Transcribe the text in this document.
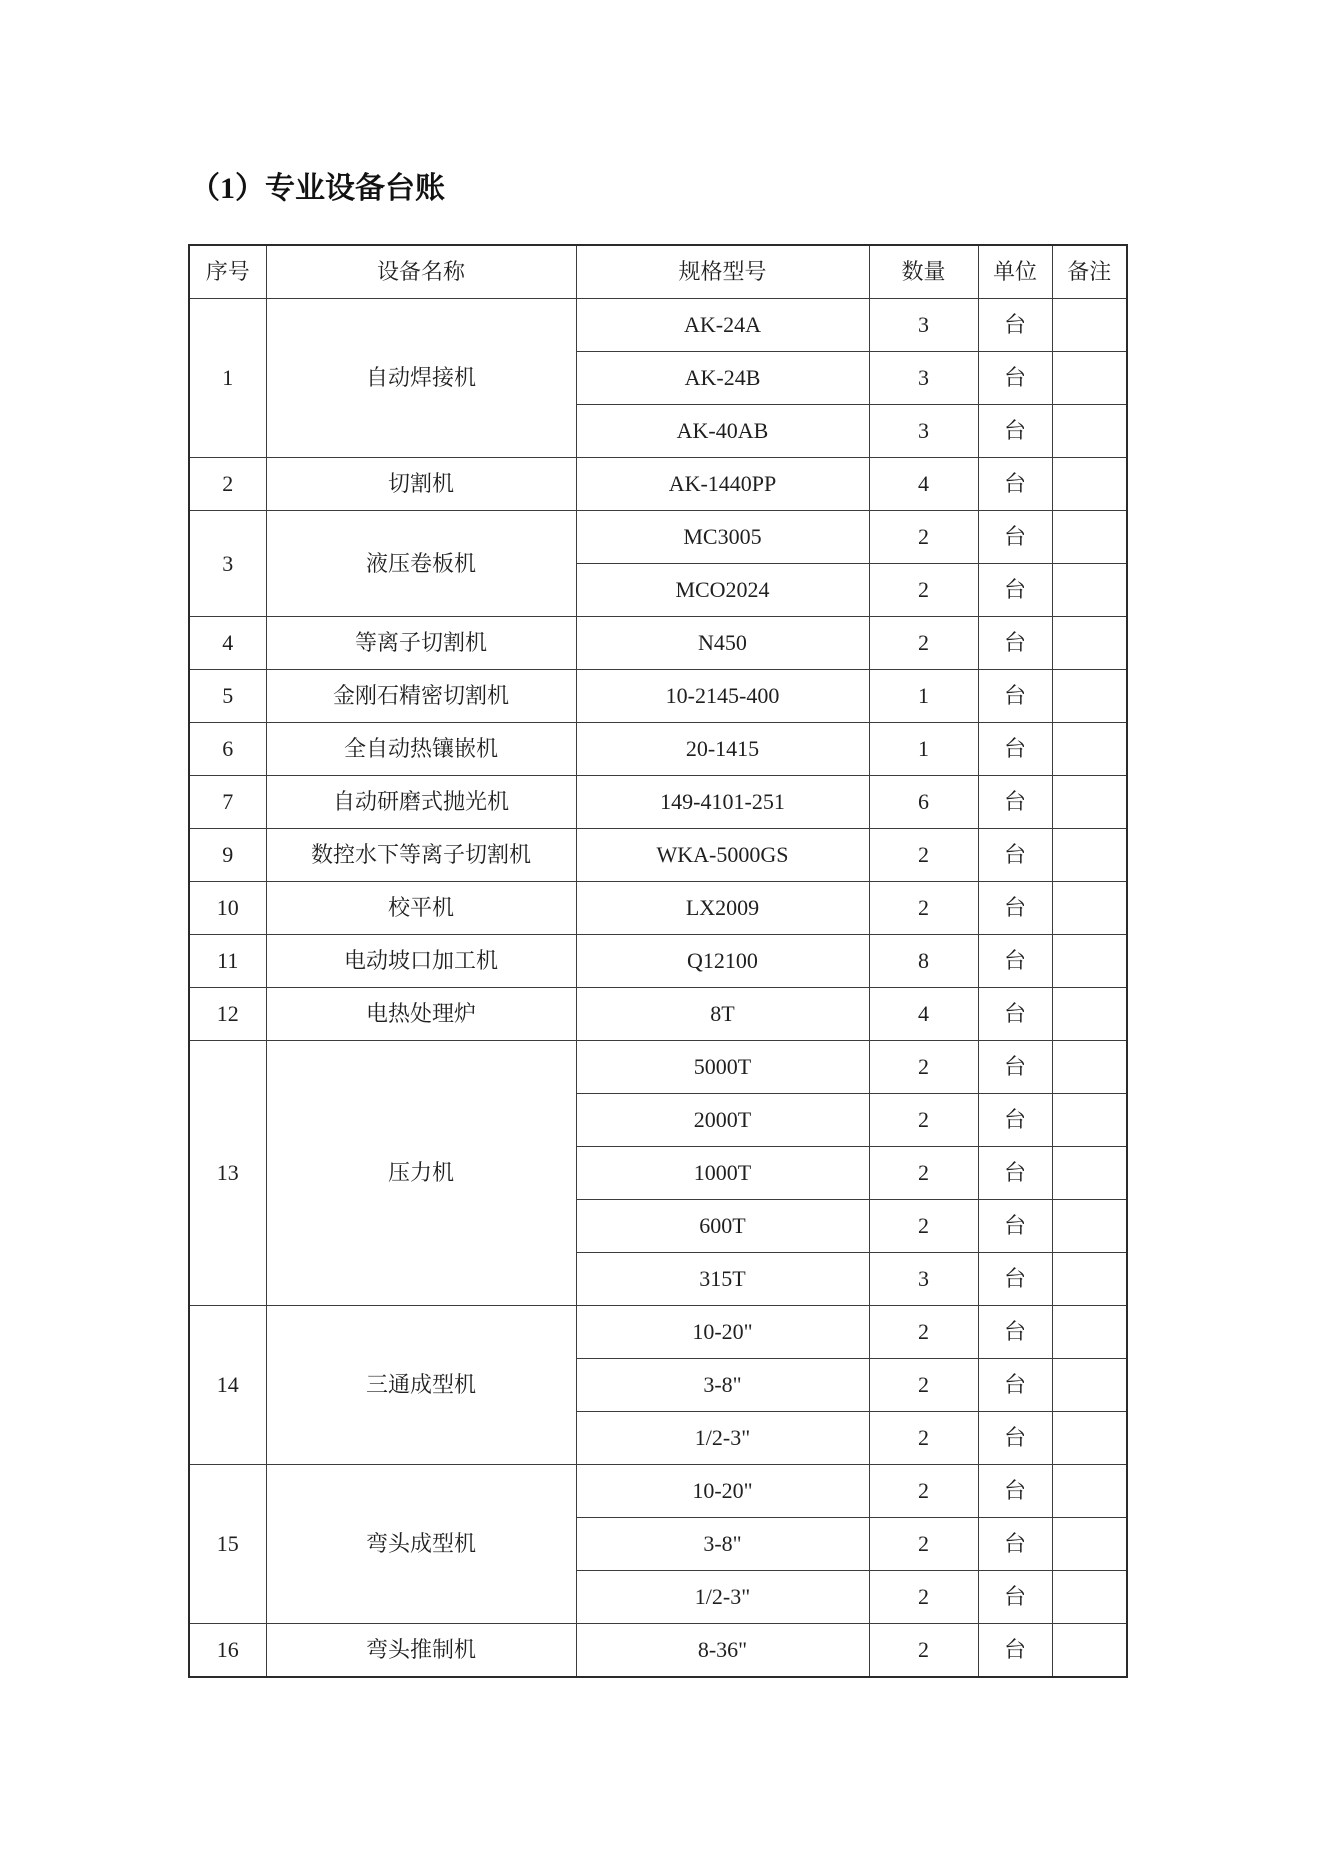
（1）专业设备台账
序号	设备名称	规格型号	数量	单位	备注
1	自动焊接机	AK-24A	3	台	
		AK-24B	3	台	
		AK-40AB	3	台	
2	切割机	AK-1440PP	4	台	
3	液压卷板机	MC3005	2	台	
		MCO2024	2	台	
4	等离子切割机	N450	2	台	
5	金刚石精密切割机	10-2145-400	1	台	
6	全自动热镶嵌机	20-1415	1	台	
7	自动研磨式抛光机	149-4101-251	6	台	
9	数控水下等离子切割机	WKA-5000GS	2	台	
10	校平机	LX2009	2	台	
11	电动坡口加工机	Q12100	8	台	
12	电热处理炉	8T	4	台	
13	压力机	5000T	2	台	
		2000T	2	台	
		1000T	2	台	
		600T	2	台	
		315T	3	台	
14	三通成型机	10-20"	2	台	
		3-8"	2	台	
		1/2-3"	2	台	
15	弯头成型机	10-20"	2	台	
		3-8"	2	台	
		1/2-3"	2	台	
16	弯头推制机	8-36"	2	台	
